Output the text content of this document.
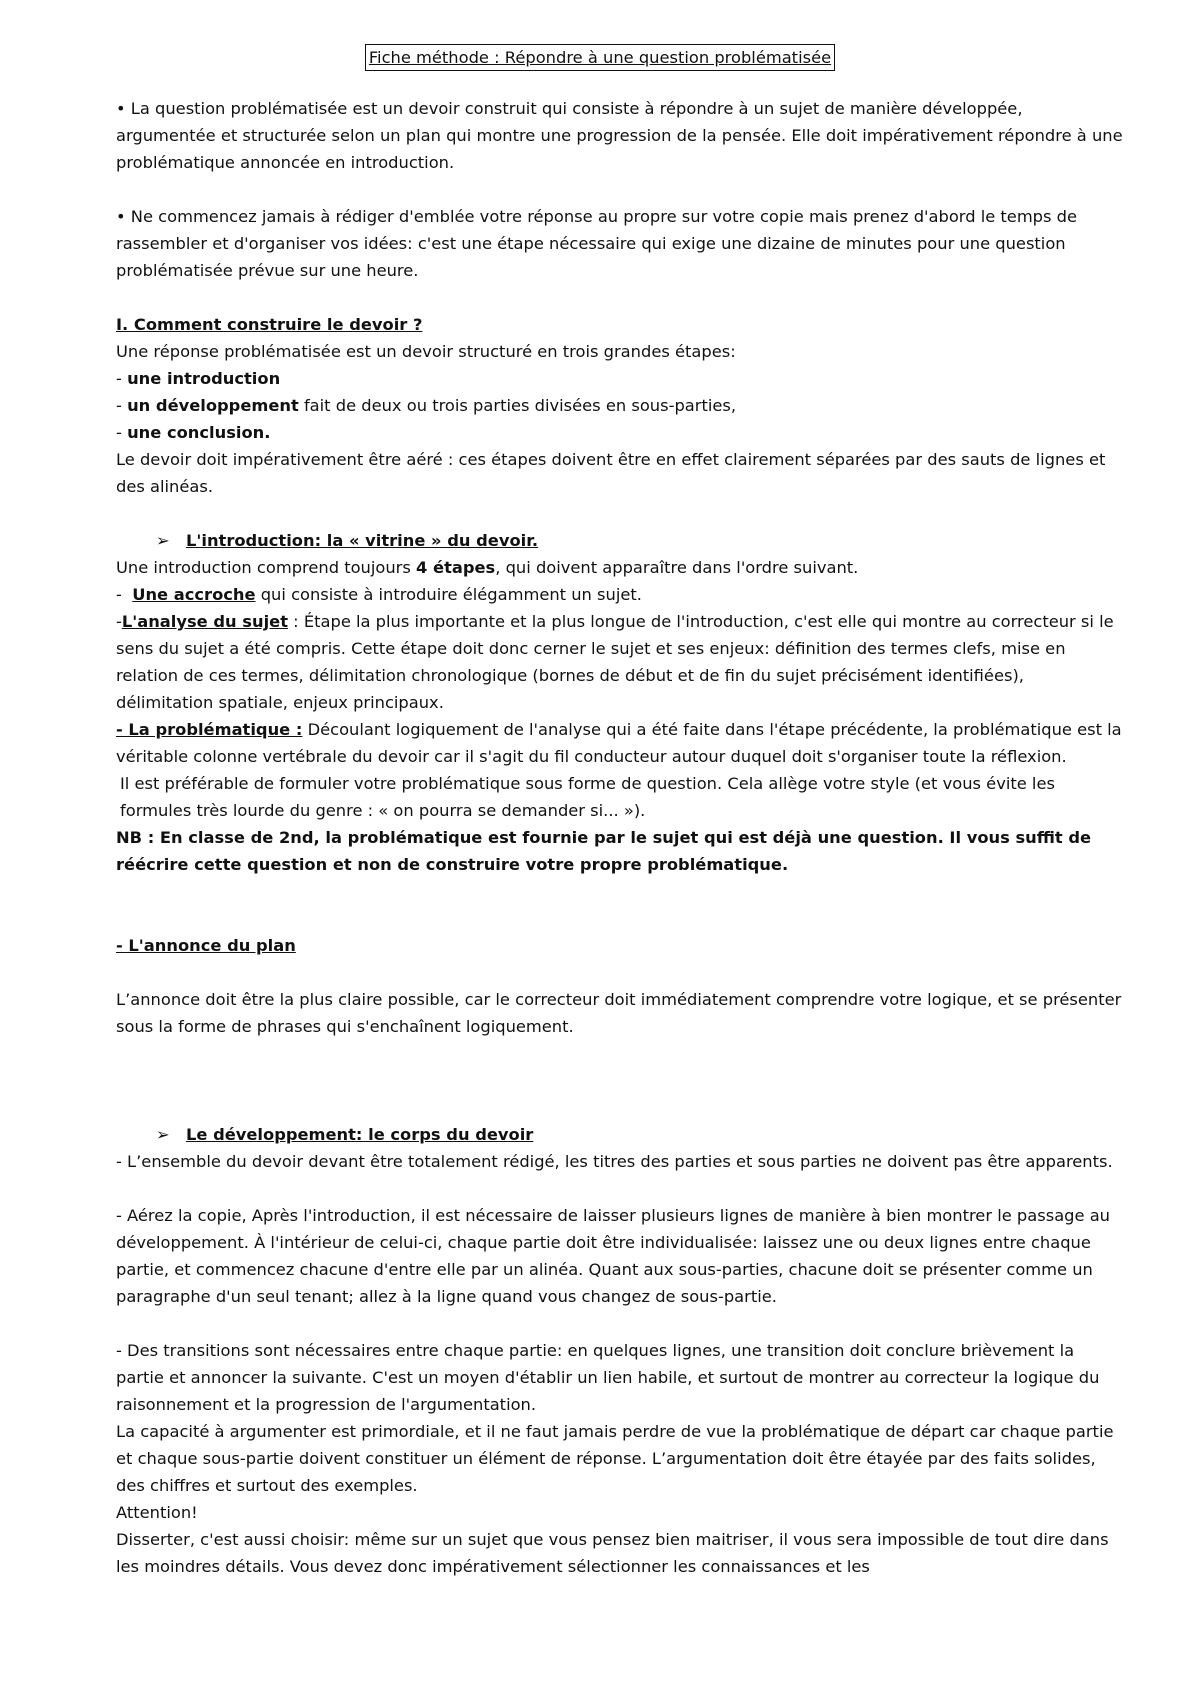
Fiche méthode : Répondre à une question problématisée

• La question problématisée est un devoir construit qui consiste à répondre à un sujet de manière développée, argumentée et structurée selon un plan qui montre une progression de la pensée. Elle doit impérativement répondre à une problématique annoncée en introduction.

• Ne commencez jamais à rédiger d'emblée votre réponse au propre sur votre copie mais prenez d'abord le temps de rassembler et d'organiser vos idées: c'est une étape nécessaire qui exige une dizaine de minutes pour une question problématisée prévue sur une heure.

I. Comment construire le devoir ?

Une réponse problématisée est un devoir structuré en trois grandes étapes:

- une introduction

- un développement fait de deux ou trois parties divisées en sous-parties,

- une conclusion.

Le devoir doit impérativement être aéré : ces étapes doivent être en effet clairement séparées par des sauts de lignes et des alinéas.

➢ L'introduction: la « vitrine » du devoir.

Une introduction comprend toujours 4 étapes, qui doivent apparaître dans l'ordre suivant.

-  Une accroche qui consiste à introduire élégamment un sujet.

-L'analyse du sujet : Étape la plus importante et la plus longue de l'introduction, c'est elle qui montre au correcteur si le sens du sujet a été compris. Cette étape doit donc cerner le sujet et ses enjeux: définition des termes clefs, mise en relation de ces termes, délimitation chronologique (bornes de début et de fin du sujet précisément identifiées), délimitation spatiale, enjeux principaux.

- La problématique : Découlant logiquement de l'analyse qui a été faite dans l'étape précédente, la problématique est la véritable colonne vertébrale du devoir car il s'agit du fil conducteur autour duquel doit s'organiser toute la réflexion.

Il est préférable de formuler votre problématique sous forme de question. Cela allège votre style (et vous évite les formules très lourde du genre : « on pourra se demander si... »).

NB : En classe de 2nd, la problématique est fournie par le sujet qui est déjà une question. Il vous suffit de réécrire cette question et non de construire votre propre problématique.

- L'annonce du plan

L’annonce doit être la plus claire possible, car le correcteur doit immédiatement comprendre votre logique, et se présenter sous la forme de phrases qui s'enchaînent logiquement.

➢ Le développement: le corps du devoir

- L’ensemble du devoir devant être totalement rédigé, les titres des parties et sous parties ne doivent pas être apparents.

- Aérez la copie, Après l'introduction, il est nécessaire de laisser plusieurs lignes de manière à bien montrer le passage au développement. À l'intérieur de celui-ci, chaque partie doit être individualisée: laissez une ou deux lignes entre chaque partie, et commencez chacune d'entre elle par un alinéa. Quant aux sous-parties, chacune doit se présenter comme un paragraphe d'un seul tenant; allez à la ligne quand vous changez de sous-partie.

- Des transitions sont nécessaires entre chaque partie: en quelques lignes, une transition doit conclure brièvement la partie et annoncer la suivante. C'est un moyen d'établir un lien habile, et surtout de montrer au correcteur la logique du raisonnement et la progression de l'argumentation.

La capacité à argumenter est primordiale, et il ne faut jamais perdre de vue la problématique de départ car chaque partie et chaque sous-partie doivent constituer un élément de réponse. L’argumentation doit être étayée par des faits solides, des chiffres et surtout des exemples.

Attention!

Disserter, c'est aussi choisir: même sur un sujet que vous pensez bien maitriser, il vous sera impossible de tout dire dans les moindres détails. Vous devez donc impérativement sélectionner les connaissances et les
